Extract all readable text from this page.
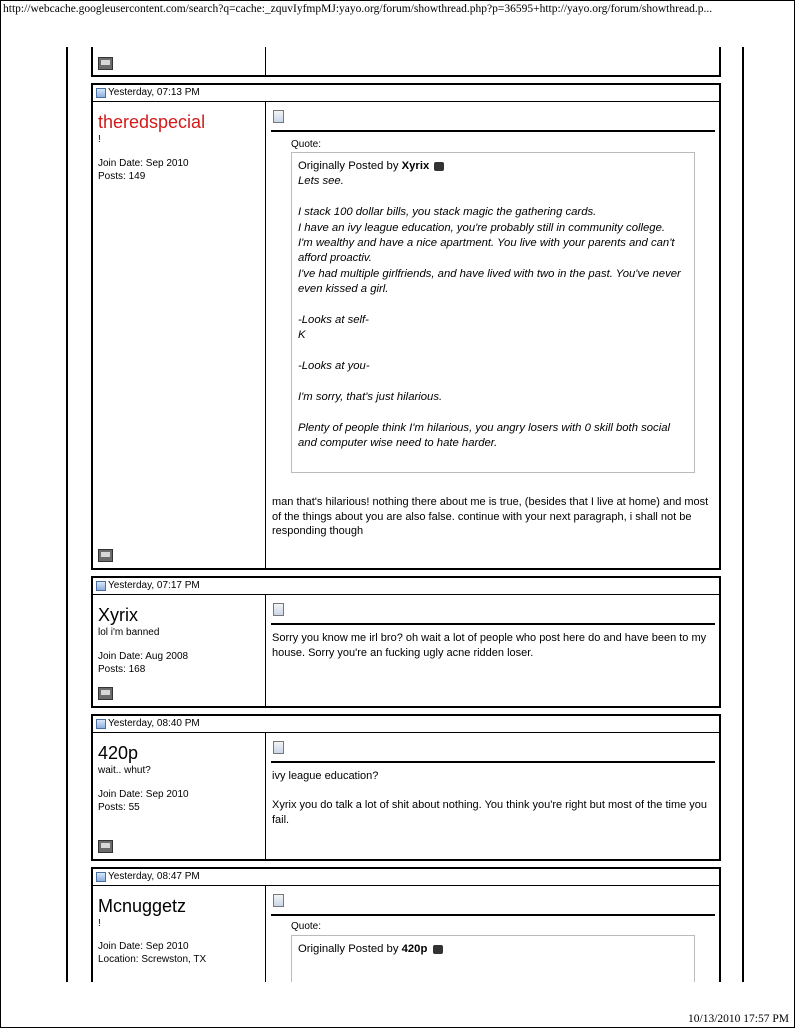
http://webcache.googleusercontent.com/search?q=cache:_zquvIyfmpMJ:yayo.org/forum/showthread.php?p=36595+http://yayo.org/forum/showthread.p...
Yesterday, 07:13 PM
theredspecial
!
Join Date: Sep 2010
Posts: 149
Quote:
Originally Posted by Xyrix
Lets see.

I stack 100 dollar bills, you stack magic the gathering cards.
I have an ivy league education, you're probably still in community college.
I'm wealthy and have a nice apartment. You live with your parents and can't afford proactiv.
I've had multiple girlfriends, and have lived with two in the past. You've never even kissed a girl.

-Looks at self-
K

-Looks at you-

I'm sorry, that's just hilarious.

Plenty of people think I'm hilarious, you angry losers with 0 skill both social and computer wise need to hate harder.
man that's hilarious! nothing there about me is true, (besides that I live at home) and most of the things about you are also false. continue with your next paragraph, i shall not be responding though
Yesterday, 07:17 PM
Xyrix
lol i'm banned
Join Date: Aug 2008
Posts: 168
Sorry you know me irl bro? oh wait a lot of people who post here do and have been to my house. Sorry you're an fucking ugly acne ridden loser.
Yesterday, 08:40 PM
420p
wait.. whut?
Join Date: Sep 2010
Posts: 55
ivy league education?
Xyrix you do talk a lot of shit about nothing. You think you're right but most of the time you fail.
Yesterday, 08:47 PM
Mcnuggetz
!
Join Date: Sep 2010
Location: Screwston, TX
Quote:
Originally Posted by 420p
10/13/2010 17:57 PM
